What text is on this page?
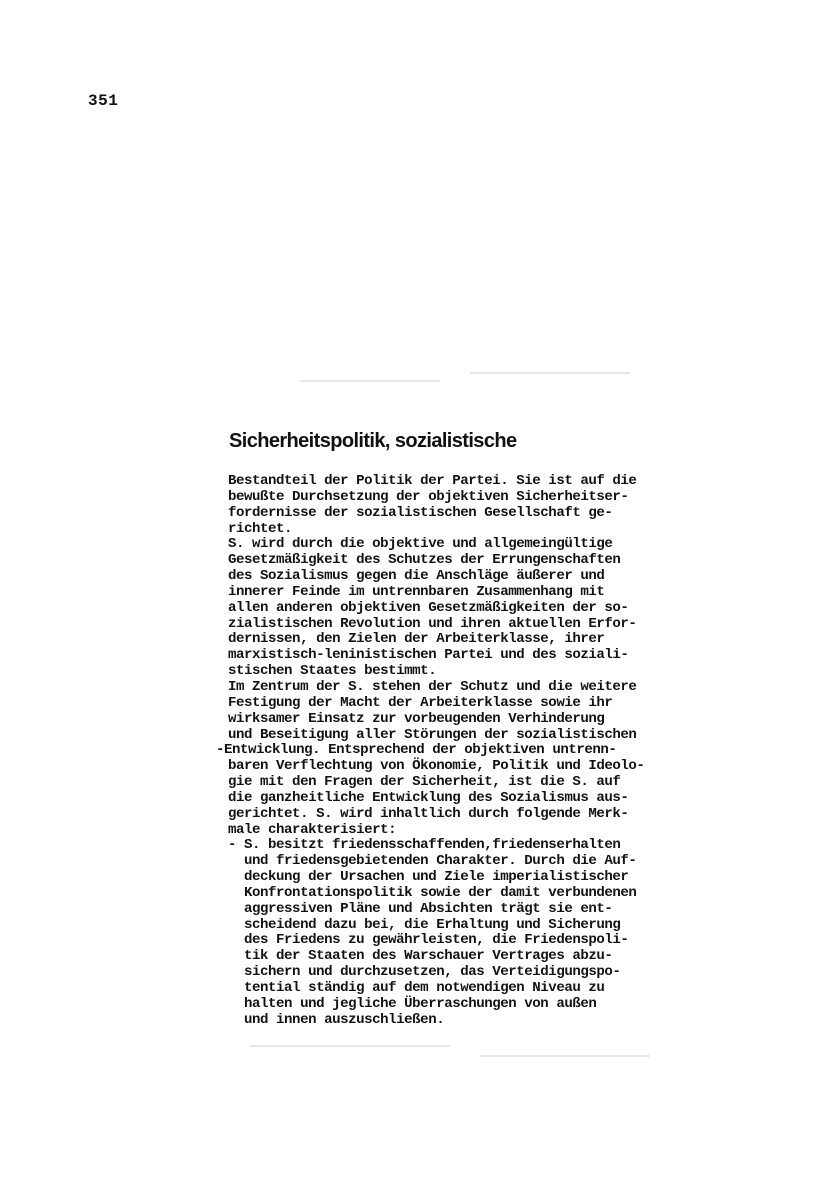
351
Sicherheitspolitik, sozialistische
Bestandteil der Politik der Partei. Sie ist auf die
bewußte Durchsetzung der objektiven Sicherheitser-
fordernisse der sozialistischen Gesellschaft ge-
richtet.
S. wird durch die objektive und allgemeingültige
Gesetzmäßigkeit des Schutzes der Errungenschaften
des Sozialismus gegen die Anschläge äußerer und
innerer Feinde im untrennbaren Zusammenhang mit
allen anderen objektiven Gesetzmäßigkeiten der so-
zialistischen Revolution und ihren aktuellen Erfor-
dernissen, den Zielen der Arbeiterklasse, ihrer
marxistisch-leninistischen Partei und des soziali-
stischen Staates bestimmt.
Im Zentrum der S. stehen der Schutz und die weitere
Festigung der Macht der Arbeiterklasse sowie ihr
wirksamer Einsatz zur vorbeugenden Verhinderung
und Beseitigung aller Störungen der sozialistischen
-Entwicklung. Entsprechend der objektiven untrenn-
baren Verflechtung von Ökonomie, Politik und Ideolo-
gie mit den Fragen der Sicherheit, ist die S. auf
die ganzheitliche Entwicklung des Sozialismus aus-
gerichtet. S. wird inhaltlich durch folgende Merk-
male charakterisiert:
- S. besitzt friedensschaffenden,friedenserhalten
und friedensgebietenden Charakter. Durch die Auf-
deckung der Ursachen und Ziele imperialistischer
Konfrontationspolitik sowie der damit verbundenen
aggressiven Pläne und Absichten trägt sie ent-
scheidend dazu bei, die Erhaltung und Sicherung
des Friedens zu gewährleisten, die Friedenspoli-
tik der Staaten des Warschauer Vertrages abzu-
sichern und durchzusetzen, das Verteidigungspo-
tential ständig auf dem notwendigen Niveau zu
halten und jegliche Überraschungen von außen
und innen auszuschließen.
